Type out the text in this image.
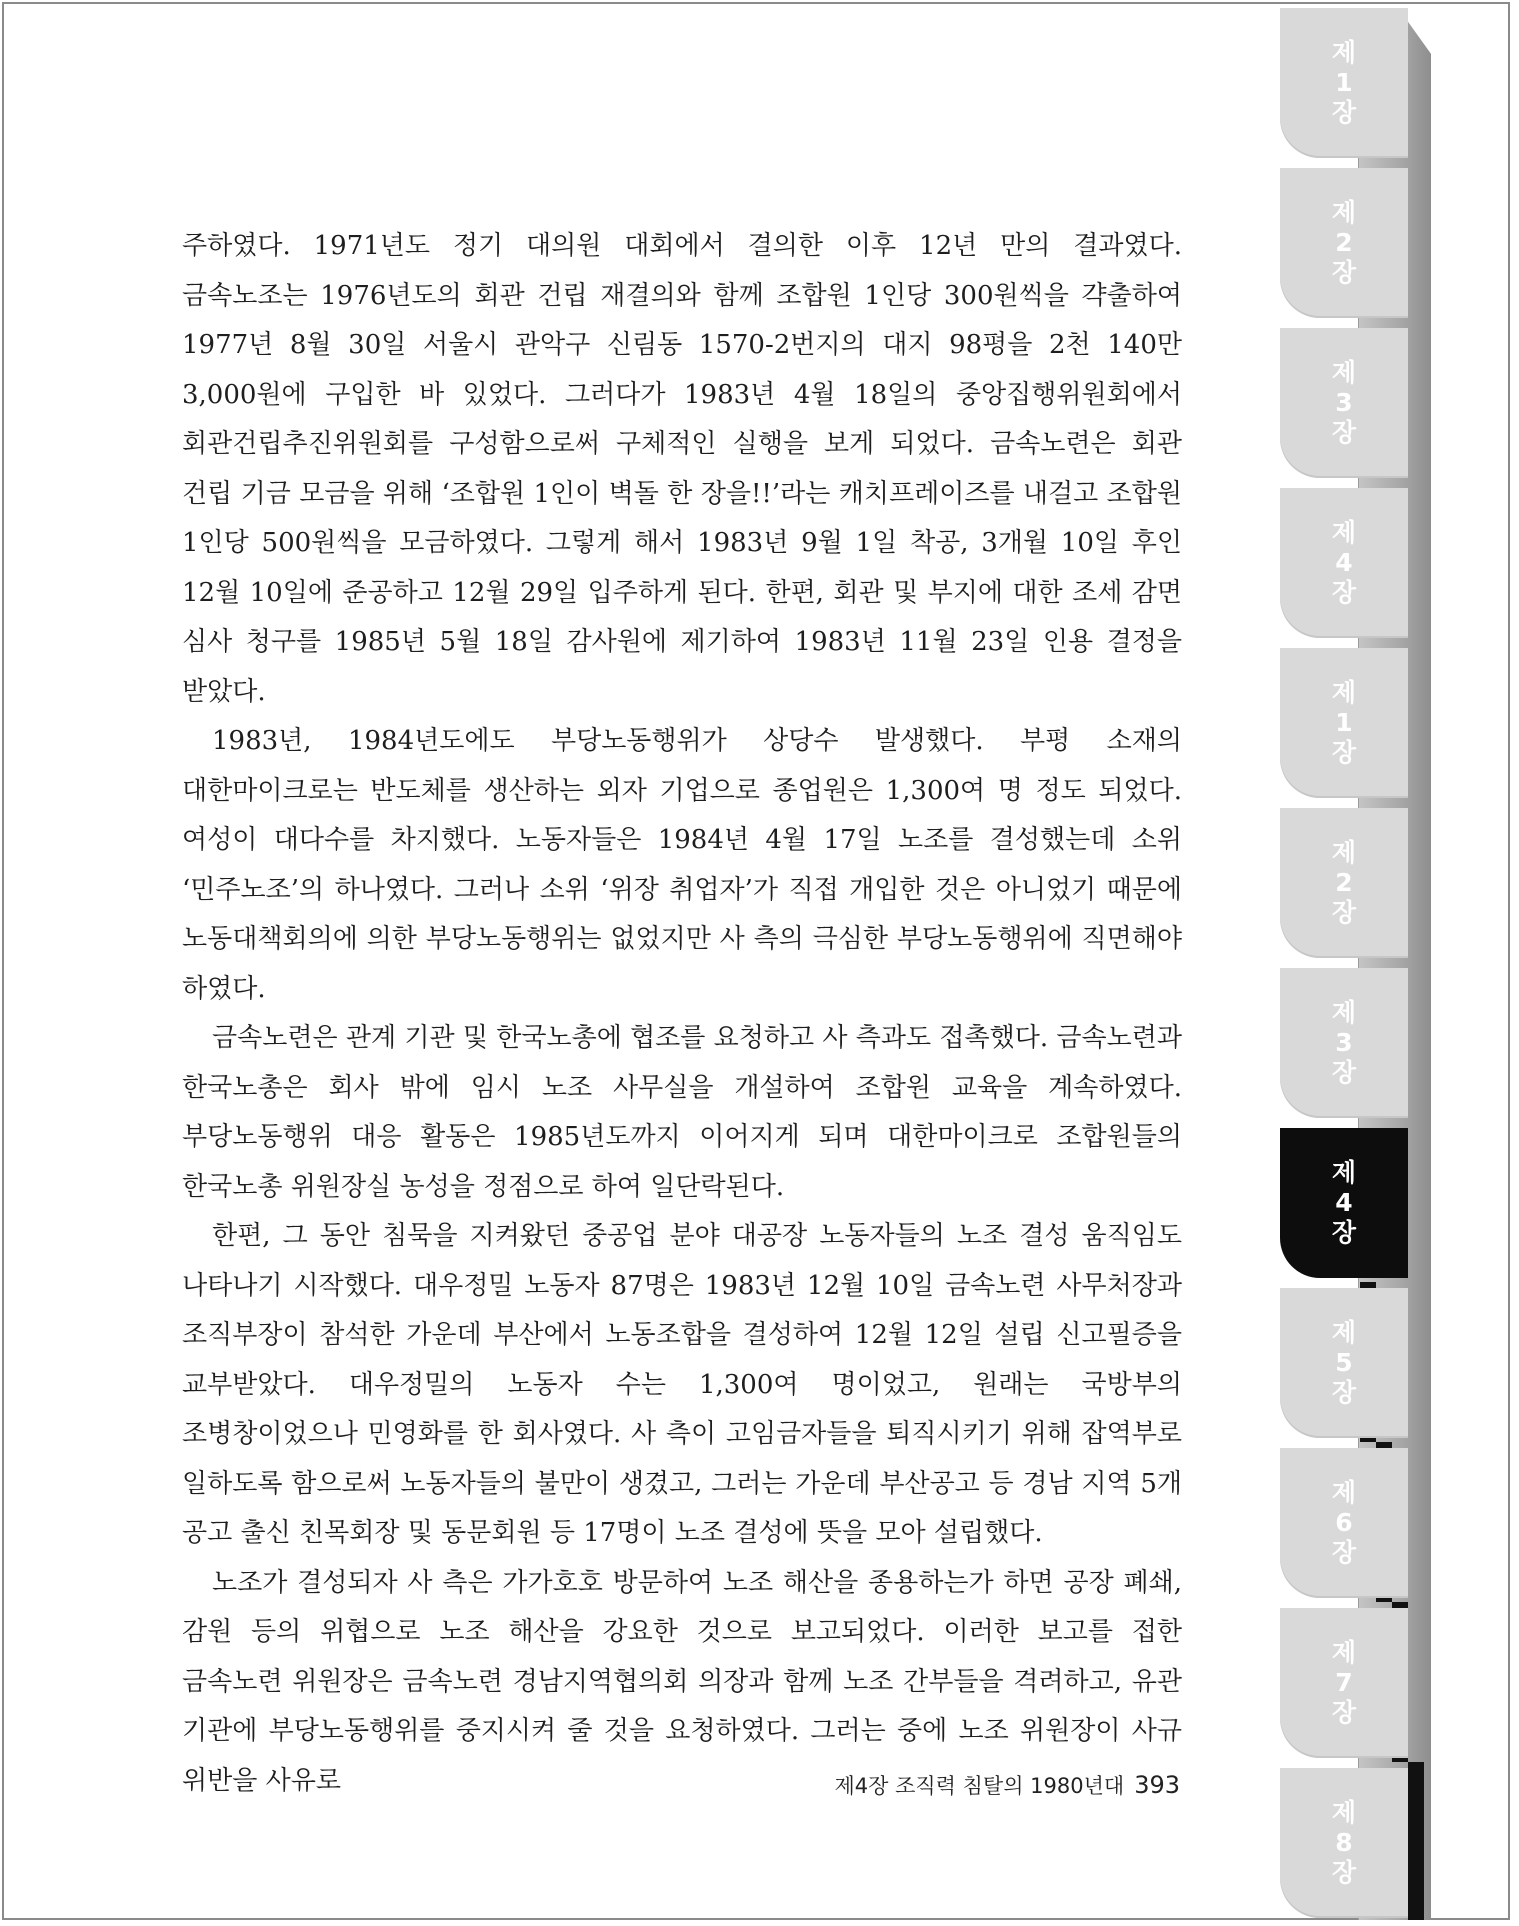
제
1
장
제
2
장
제
3
장
제
4
장
제
1
장
제
2
장
제
3
장
제
4
장
제
5
장
제
6
장
제
7
장
제
8
장

주하였다. 1971년도 정기 대의원 대회에서 결의한 이후 12년 만의 결과였다. 금속노조는 1976년도의 회관 건립 재결의와 함께 조합원 1인당 300원씩을 갹출하여 1977년 8월 30일 서울시 관악구 신림동 1570-2번지의 대지 98평을 2천 140만 3,000원에 구입한 바 있었다. 그러다가 1983년 4월 18일의 중앙집행위원회에서 회관건립추진위원회를 구성함으로써 구체적인 실행을 보게 되었다. 금속노련은 회관 건립 기금 모금을 위해 ‘조합원 1인이 벽돌 한 장을!!’라는 캐치프레이즈를 내걸고 조합원 1인당 500원씩을 모금하였다. 그렇게 해서 1983년 9월 1일 착공, 3개월 10일 후인 12월 10일에 준공하고 12월 29일 입주하게 된다. 한편, 회관 및 부지에 대한 조세 감면 심사 청구를 1985년 5월 18일 감사원에 제기하여 1983년 11월 23일 인용 결정을 받았다.

1983년, 1984년도에도 부당노동행위가 상당수 발생했다. 부평 소재의 대한마이크로는 반도체를 생산하는 외자 기업으로 종업원은 1,300여 명 정도 되었다. 여성이 대다수를 차지했다. 노동자들은 1984년 4월 17일 노조를 결성했는데 소위 ‘민주노조’의 하나였다. 그러나 소위 ‘위장 취업자’가 직접 개입한 것은 아니었기 때문에 노동대책회의에 의한 부당노동행위는 없었지만 사 측의 극심한 부당노동행위에 직면해야 하였다.

금속노련은 관계 기관 및 한국노총에 협조를 요청하고 사 측과도 접촉했다. 금속노련과 한국노총은 회사 밖에 임시 노조 사무실을 개설하여 조합원 교육을 계속하였다. 부당노동행위 대응 활동은 1985년도까지 이어지게 되며 대한마이크로 조합원들의 한국노총 위원장실 농성을 정점으로 하여 일단락된다.

한편, 그 동안 침묵을 지켜왔던 중공업 분야 대공장 노동자들의 노조 결성 움직임도 나타나기 시작했다. 대우정밀 노동자 87명은 1983년 12월 10일 금속노련 사무처장과 조직부장이 참석한 가운데 부산에서 노동조합을 결성하여 12월 12일 설립 신고필증을 교부받았다. 대우정밀의 노동자 수는 1,300여 명이었고, 원래는 국방부의 조병창이었으나 민영화를 한 회사였다. 사 측이 고임금자들을 퇴직시키기 위해 잡역부로 일하도록 함으로써 노동자들의 불만이 생겼고, 그러는 가운데 부산공고 등 경남 지역 5개 공고 출신 친목회장 및 동문회원 등 17명이 노조 결성에 뜻을 모아 설립했다.

노조가 결성되자 사 측은 가가호호 방문하여 노조 해산을 종용하는가 하면 공장 폐쇄, 감원 등의 위협으로 노조 해산을 강요한 것으로 보고되었다. 이러한 보고를 접한 금속노련 위원장은 금속노련 경남지역협의회 의장과 함께 노조 간부들을 격려하고, 유관 기관에 부당노동행위를 중지시켜 줄 것을 요청하였다. 그러는 중에 노조 위원장이 사규 위반을 사유로	제4장 조직력 침탈의 1980년대 393
